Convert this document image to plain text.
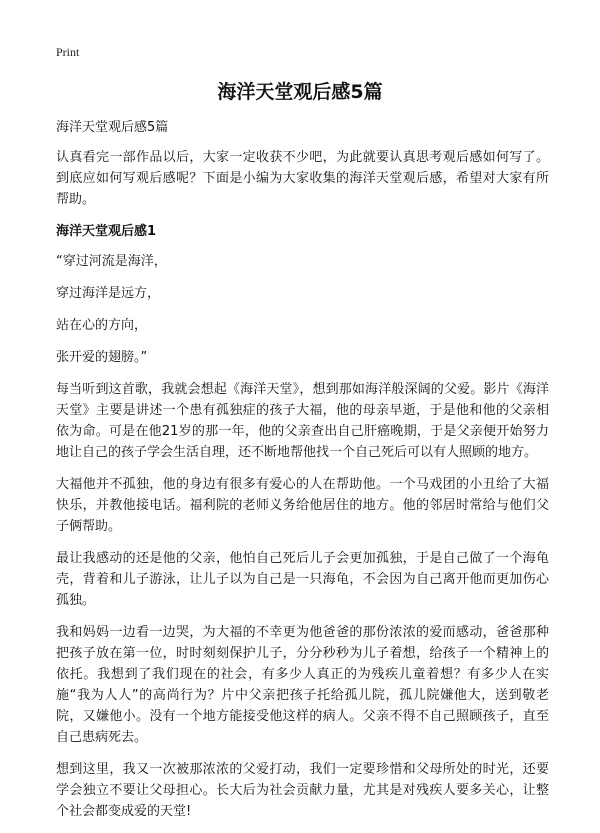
Print
海洋天堂观后感5篇

海洋天堂观后感5篇

认真看完一部作品以后，大家一定收获不少吧，为此就要认真思考观后感如何写了。到底应如何写观后感呢？下面是小编为大家收集的海洋天堂观后感，希望对大家有所帮助。

海洋天堂观后感1

“穿过河流是海洋，

穿过海洋是远方，

站在心的方向，

张开爱的翅膀。”

每当听到这首歌，我就会想起《海洋天堂》，想到那如海洋般深阔的父爱。影片《海洋天堂》主要是讲述一个患有孤独症的孩子大福，他的母亲早逝，于是他和他的父亲相依为命。可是在他21岁的那一年，他的父亲查出自己肝癌晚期，于是父亲便开始努力地让自己的孩子学会生活自理，还不断地帮他找一个自己死后可以有人照顾的地方。

大福他并不孤独，他的身边有很多有爱心的人在帮助他。一个马戏团的小丑给了大福快乐，并教他接电话。福利院的老师义务给他居住的地方。他的邻居时常给与他们父子俩帮助。

最让我感动的还是他的父亲，他怕自己死后儿子会更加孤独，于是自己做了一个海龟壳，背着和儿子游泳，让儿子以为自己是一只海龟，不会因为自己离开他而更加伤心孤独。

我和妈妈一边看一边哭，为大福的不幸更为他爸爸的那份浓浓的爱而感动，爸爸那种把孩子放在第一位，时时刻刻保护儿子，分分秒秒为儿子着想，给孩子一个精神上的依托。我想到了我们现在的社会，有多少人真正的为残疾儿童着想？有多少人在实施“我为人人”的高尚行为？片中父亲把孩子托给孤儿院，孤儿院嫌他大，送到敬老院，又嫌他小。没有一个地方能接受他这样的病人。父亲不得不自己照顾孩子，直至自己患病死去。

想到这里，我又一次被那浓浓的父爱打动，我们一定要珍惜和父母所处的时光，还要学会独立不要让父母担心。长大后为社会贡献力量，尤其是对残疾人要多关心，让整个社会都变成爱的天堂!
